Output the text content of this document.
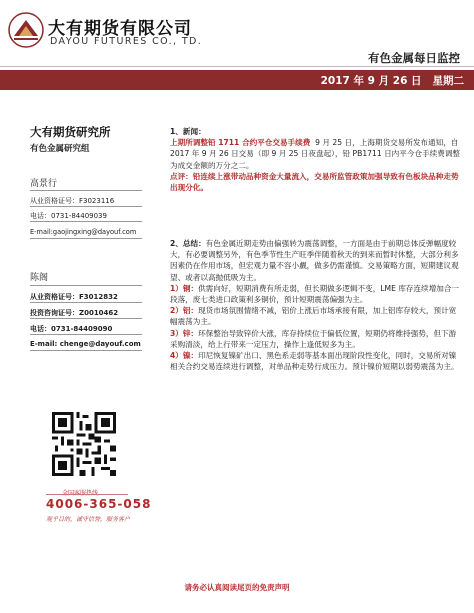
大有期货有限公司
DAYOU FUTURES CO., TD.
有色金属每日监控
2017 年 9 月 26 日 星期二
大有期货研究所
有色金属研究组
高景行
从业资格证号：F3023116
电话：0731-84409039
E-mail:gaojingxing@dayouf.com
陈阁
从业资格证号：F3012832
投资咨询证号：Z0010462
电话：0731-84409090
E-mail: chenge@dayouf.com
4006-365-058
观乎目的，诚守信誉，服务客户

1、新闻：

上期所调整铅 1711 合约平仓交易手续费 9 月 25 日，上海期货交易所发布通知，自 2017 年 9 月 26 日交易（即 9 月 25 日夜盘起），铅 PB1711 日内平今仓手续费调整为成交金额的万分之二。

点评：铅连续上涨带动品种资金大量流入，交易所监管政策加强导致有色板块品种走势出现分化。

2、总结：有色金属近期走势由偏强转为震荡调整，一方面是由于前期总体反弹幅度较大，有必要调整另外，有色季节性生产旺季伴随着秋天的到来而暂时休整，大部分利多因素仍在作用市场，但宏观力量不容小觑，做多仍需谨慎。交易策略方面，短期建议观望、或者以高抛低吸为主。

1）铜：供需向好，短期消费有所走弱，但长期做多逻辑不变，LME 库存连续增加合一段落，废七类进口政策利多铜价，预计短期震荡偏强为主。

2）铝：现货市场氛围情绪不减，铝价上涨后市场承接有限，加上铝库存较大，预计宽幅震荡为主。

3）锌：环保整治导致锌价大涨，库存持续位于偏低位置，短期仍将维持强势，但下游采购清淡，给上行带来一定压力，操作上逢低短多为主。

4）镍：印尼恢复镍矿出口、黑色系走弱等基本面出现阶段性变化，同时，交易所对镍相关合约交易连续进行调整，对单品种走势行成压力。预计镍价短期以弱势震荡为主。

请务必认真阅读尾页的免责声明
